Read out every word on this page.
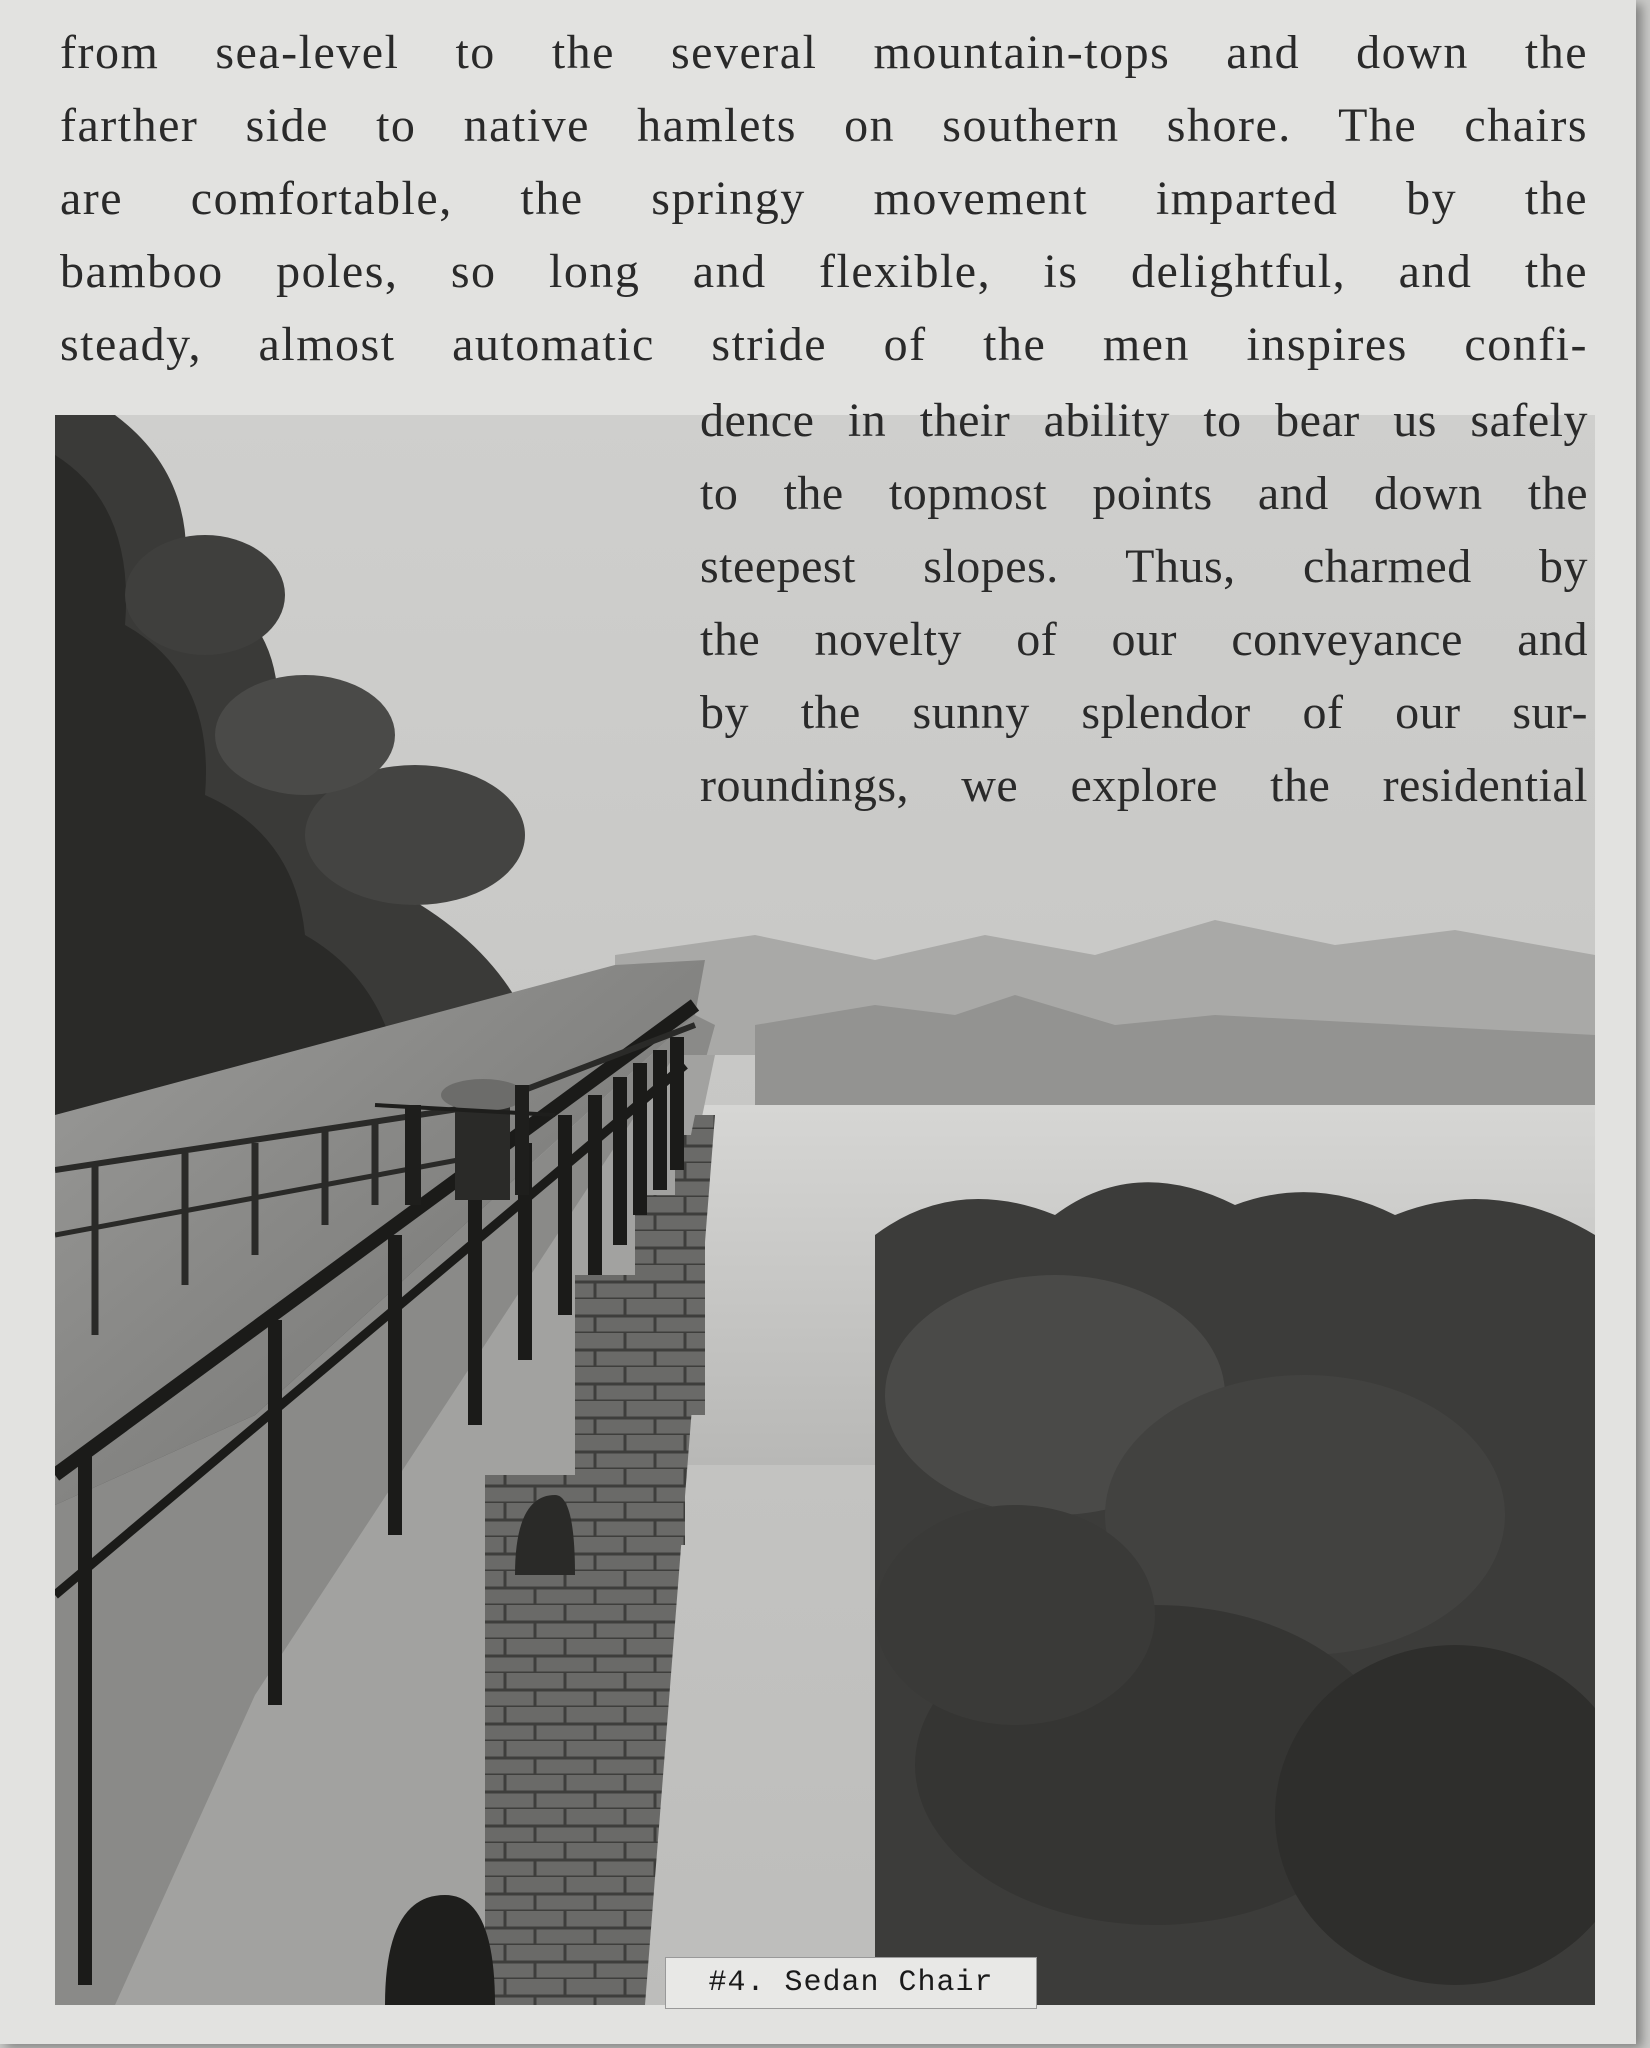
from sea-level to the several mountain-tops and down the
farther side to native hamlets on southern shore. The chairs
are comfortable, the springy movement imparted by the
bamboo poles, so long and flexible, is delightful, and the
steady, almost automatic stride of the men inspires confi-
dence in their ability to bear us safely
to the topmost points and down the
steepest slopes. Thus, charmed by
the novelty of our conveyance and
by the sunny splendor of our sur-
roundings, we explore the residential
#4. Sedan Chair
